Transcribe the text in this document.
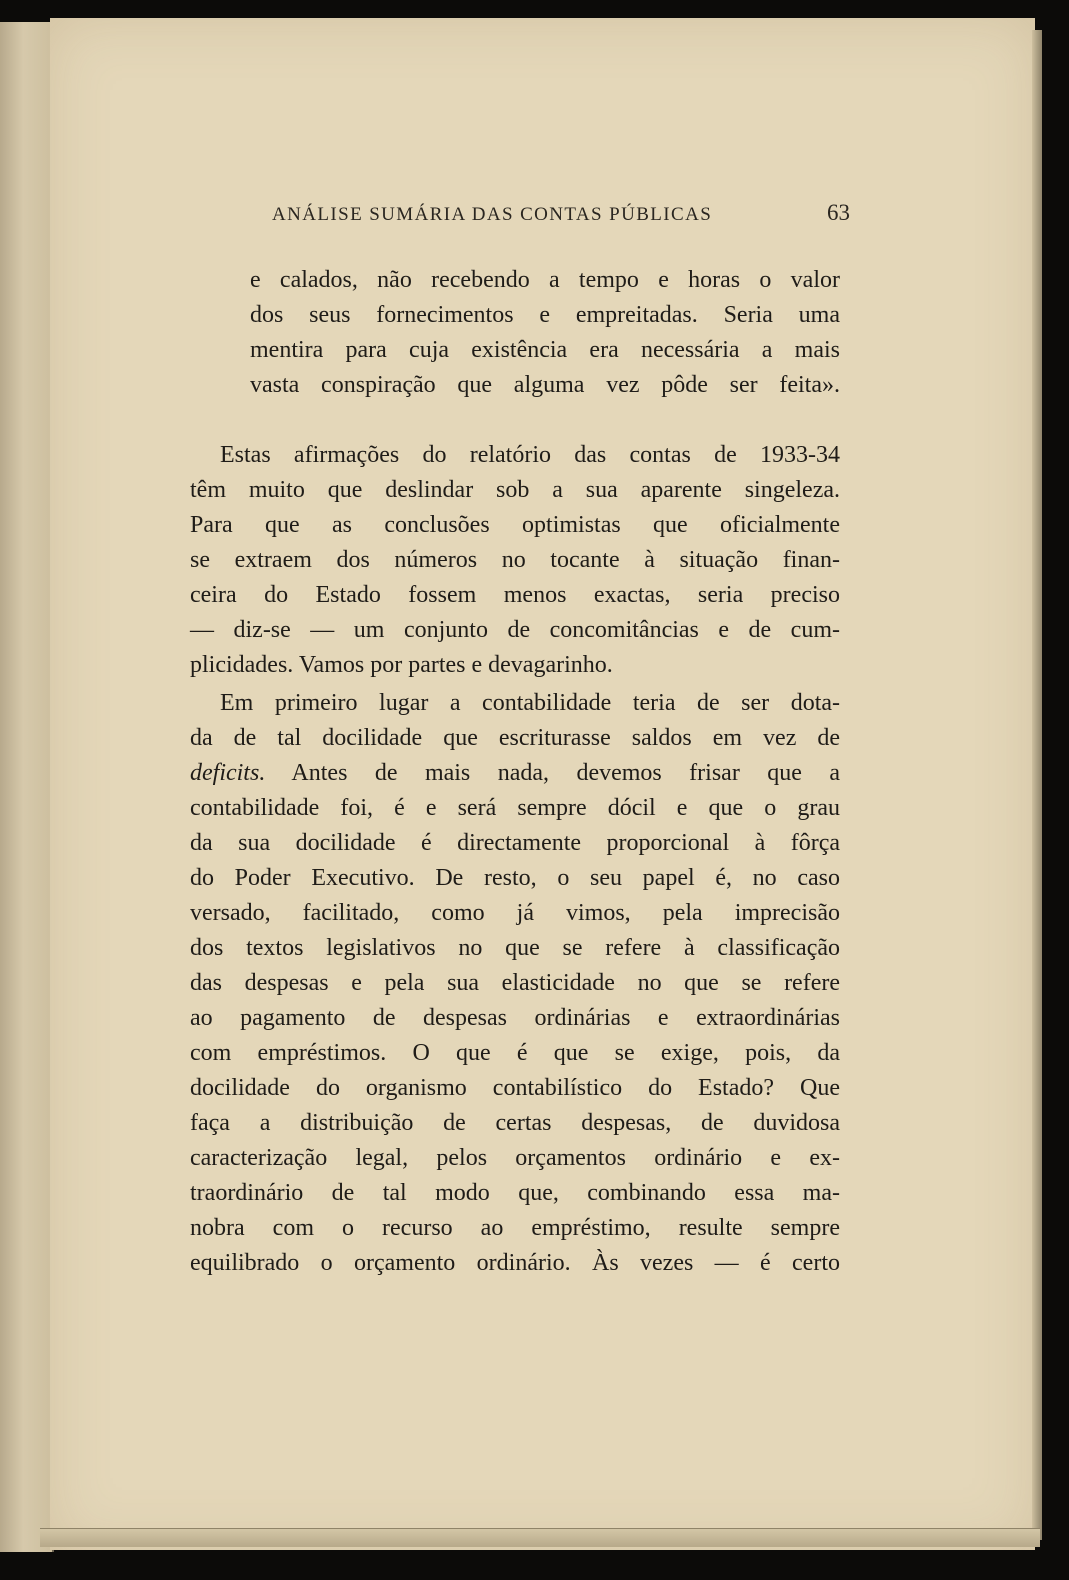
ANÁLISE SUMÁRIA DAS CONTAS PÚBLICAS	63
e calados, não recebendo a tempo e horas o valor
dos seus fornecimentos e empreitadas. Seria uma
mentira para cuja existência era necessária a mais
vasta conspiração que alguma vez pôde ser feita».
Estas afirmações do relatório das contas de 1933-34
têm muito que deslindar sob a sua aparente singeleza.
Para que as conclusões optimistas que oficialmente
se extraem dos números no tocante à situação finan-
ceira do Estado fossem menos exactas, seria preciso
— diz-se — um conjunto de concomitâncias e de cum-
plicidades. Vamos por partes e devagarinho.
Em primeiro lugar a contabilidade teria de ser dota-
da de tal docilidade que escriturasse saldos em vez de
deficits. Antes de mais nada, devemos frisar que a
contabilidade foi, é e será sempre dócil e que o grau
da sua docilidade é directamente proporcional à fôrça
do Poder Executivo. De resto, o seu papel é, no caso
versado, facilitado, como já vimos, pela imprecisão
dos textos legislativos no que se refere à classificação
das despesas e pela sua elasticidade no que se refere
ao pagamento de despesas ordinárias e extraordinárias
com empréstimos. O que é que se exige, pois, da
docilidade do organismo contabilístico do Estado? Que
faça a distribuição de certas despesas, de duvidosa
caracterização legal, pelos orçamentos ordinário e ex-
traordinário de tal modo que, combinando essa ma-
nobra com o recurso ao empréstimo, resulte sempre
equilibrado o orçamento ordinário. Às vezes — é certo
